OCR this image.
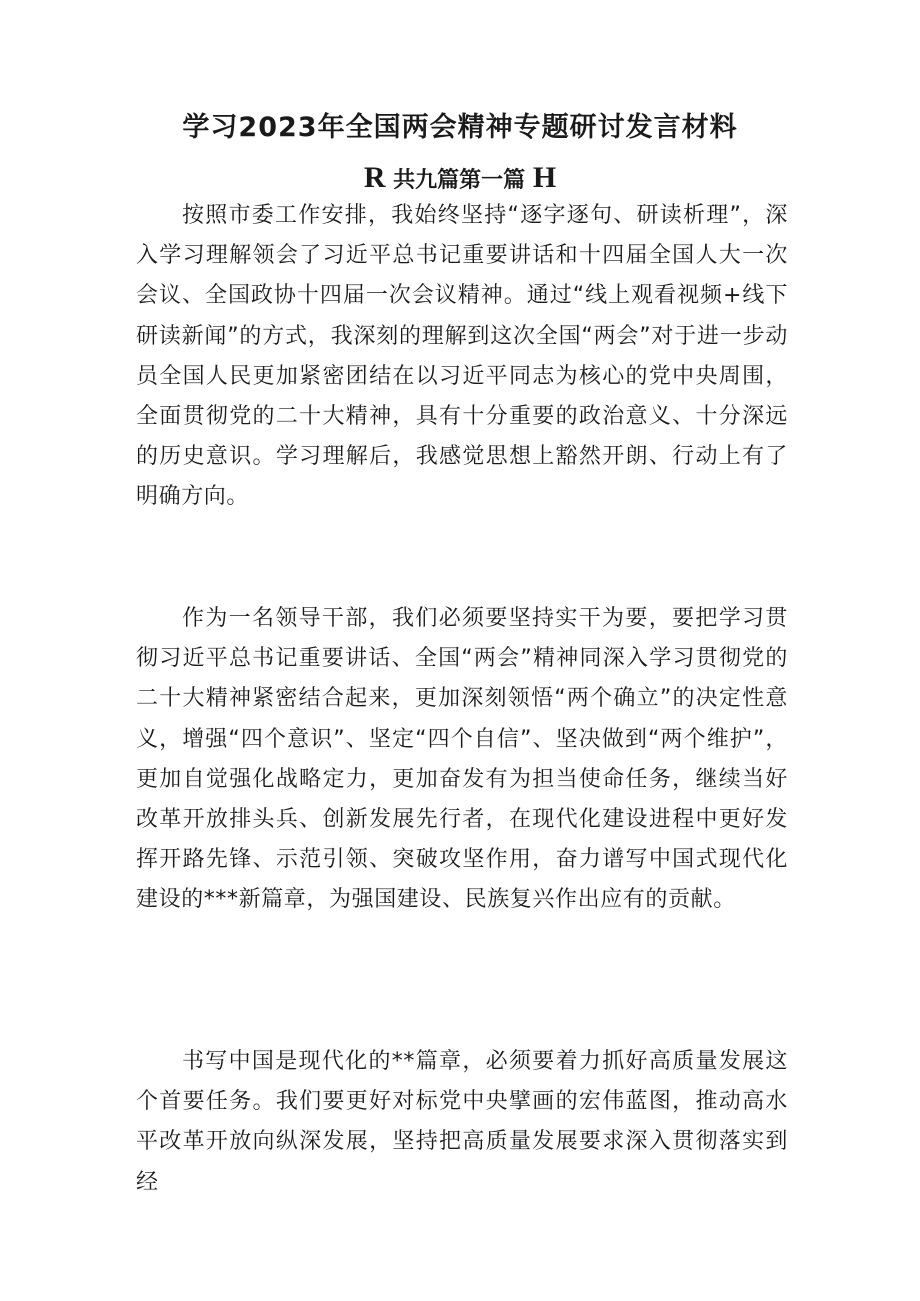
学习2023年全国两会精神专题研讨发言材料
R 共九篇第一篇 H

按照市委工作安排，我始终坚持“逐字逐句、研读析理”，深入学习理解领会了习近平总书记重要讲话和十四届全国人大一次会议、全国政协十四届一次会议精神。通过“线上观看视频+线下研读新闻”的方式，我深刻的理解到这次全国“两会”对于进一步动员全国人民更加紧密团结在以习近平同志为核心的党中央周围，全面贯彻党的二十大精神，具有十分重要的政治意义、十分深远的历史意识。学习理解后，我感觉思想上豁然开朗、行动上有了明确方向。

作为一名领导干部，我们必须要坚持实干为要，要把学习贯彻习近平总书记重要讲话、全国“两会”精神同深入学习贯彻党的二十大精神紧密结合起来，更加深刻领悟“两个确立”的决定性意义，增强“四个意识”、坚定“四个自信”、坚决做到“两个维护”，更加自觉强化战略定力，更加奋发有为担当使命任务，继续当好改革开放排头兵、创新发展先行者，在现代化建设进程中更好发挥开路先锋、示范引领、突破攻坚作用，奋力谱写中国式现代化建设的***新篇章，为强国建设、民族复兴作出应有的贡献。

书写中国是现代化的**篇章，必须要着力抓好高质量发展这个首要任务。我们要更好对标党中央擘画的宏伟蓝图，推动高水平改革开放向纵深发展，坚持把高质量发展要求深入贯彻落实到经
